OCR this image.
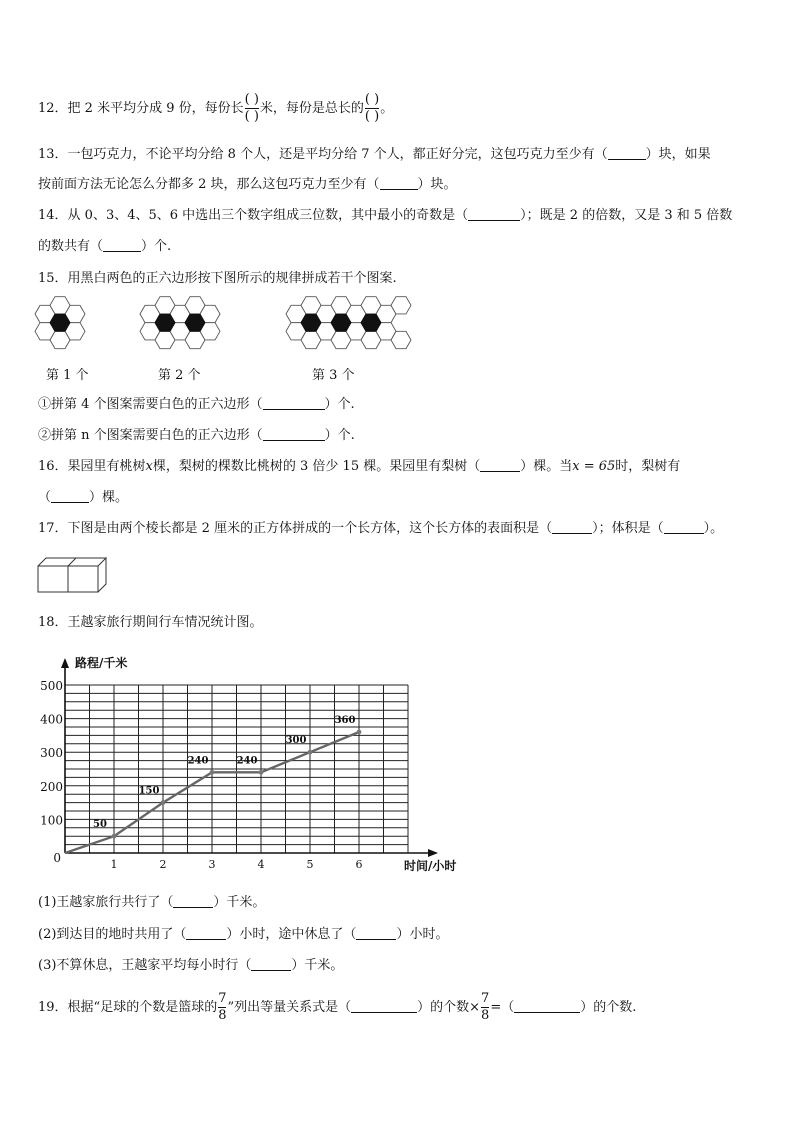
12．把 2 米平均分成 9 份，每份长 $\frac{( )}{( )}$ 米，每份是总长的 $\frac{( )}{( )}$ 。
13．一包巧克力，不论平均分给 8 个人，还是平均分给 7 个人，都正好分完，这包巧克力至少有（	）块，如果
按前面方法无论怎么分都多 2 块，那么这包巧克力至少有（	）块。
14．从 0、3、4、5、6 中选出三个数字组成三位数，其中最小的奇数是（	）；既是 2 的倍数，又是 3 和 5 倍数
的数共有（	）个.
15．用黑白两色的正六边形按下图所示的规律拼成若干个图案.
第 1 个	第 2 个	第 3 个
①拼第 4 个图案需要白色的正六边形（	）个.
②拼第 n 个图案需要白色的正六边形（	）个.
16．果园里有桃树x棵，梨树的棵数比桃树的 3 倍少 15 棵。果园里有梨树（	）棵。当x = 65时，梨树有
（	）棵。
17．下图是由两个棱长都是 2 厘米的正方体拼成的一个长方体，这个长方体的表面积是（	）；体积是（	）。
18．王越家旅行期间行车情况统计图。
路程/千米
时间/小时
0
100
200
300
400
500
1	2	3	4	5	6
50
150
240	240
300
360
(1)王越家旅行共行了（	）千米。
(2)到达目的地时共用了（	）小时，途中休息了（	）小时。
(3)不算休息，王越家平均每小时行（	）千米。
19．根据“足球的个数是篮球的 $\frac{7}{8}$ ”列出等量关系式是（	）的个数× $\frac{7}{8}$ =（	）的个数.
